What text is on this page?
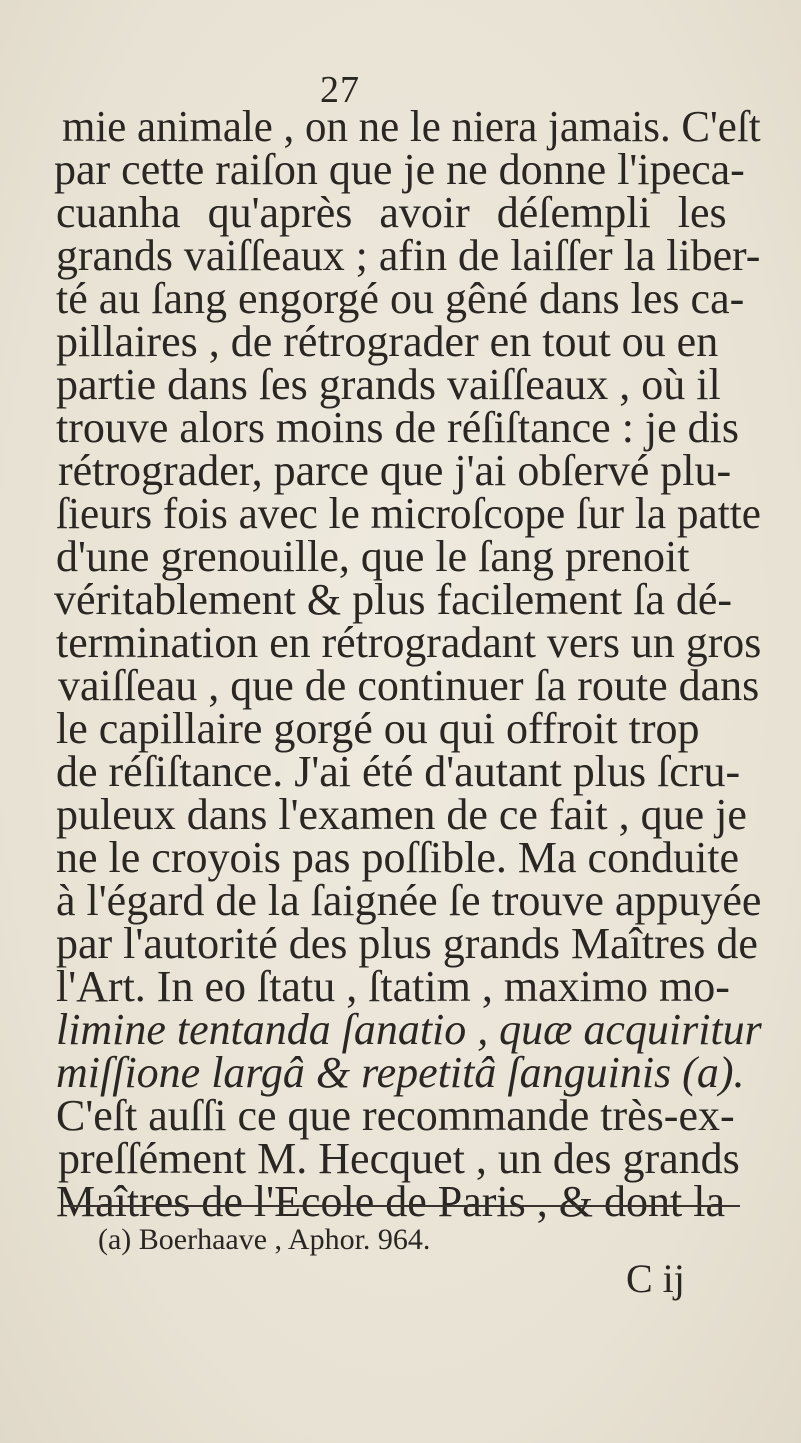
27
mie animale , on ne le niera jamais. C'eſt
par cette raiſon que je ne donne l'ipeca-
cuanha qu'après avoir déſempli les
grands vaiſſeaux ; afin de laiſſer la liber-
té au ſang engorgé ou gêné dans les ca-
pillaires , de rétrograder en tout ou en
partie dans ſes grands vaiſſeaux , où il
trouve alors moins de réſiſtance : je dis
rétrograder, parce que j'ai obſervé plu-
ſieurs fois avec le microſcope ſur la patte
d'une grenouille, que le ſang prenoit
véritablement & plus facilement ſa dé-
termination en rétrogradant vers un gros
vaiſſeau , que de continuer ſa route dans
le capillaire gorgé ou qui offroit trop
de réſiſtance. J'ai été d'autant plus ſcru-
puleux dans l'examen de ce fait , que je
ne le croyois pas poſſible. Ma conduite
à l'égard de la ſaignée ſe trouve appuyée
par l'autorité des plus grands Maîtres de
l'Art. In eo ſtatu , ſtatim , maximo mo-
limine tentanda ſanatio , quæ acquiritur
miſſione largâ & repetitâ ſanguinis (a).
C'eſt auſſi ce que recommande très-ex-
preſſément M. Hecquet , un des grands
Maîtres de l'Ecole de Paris , & dont la
(a) Boerhaave , Aphor. 964.
C ij
